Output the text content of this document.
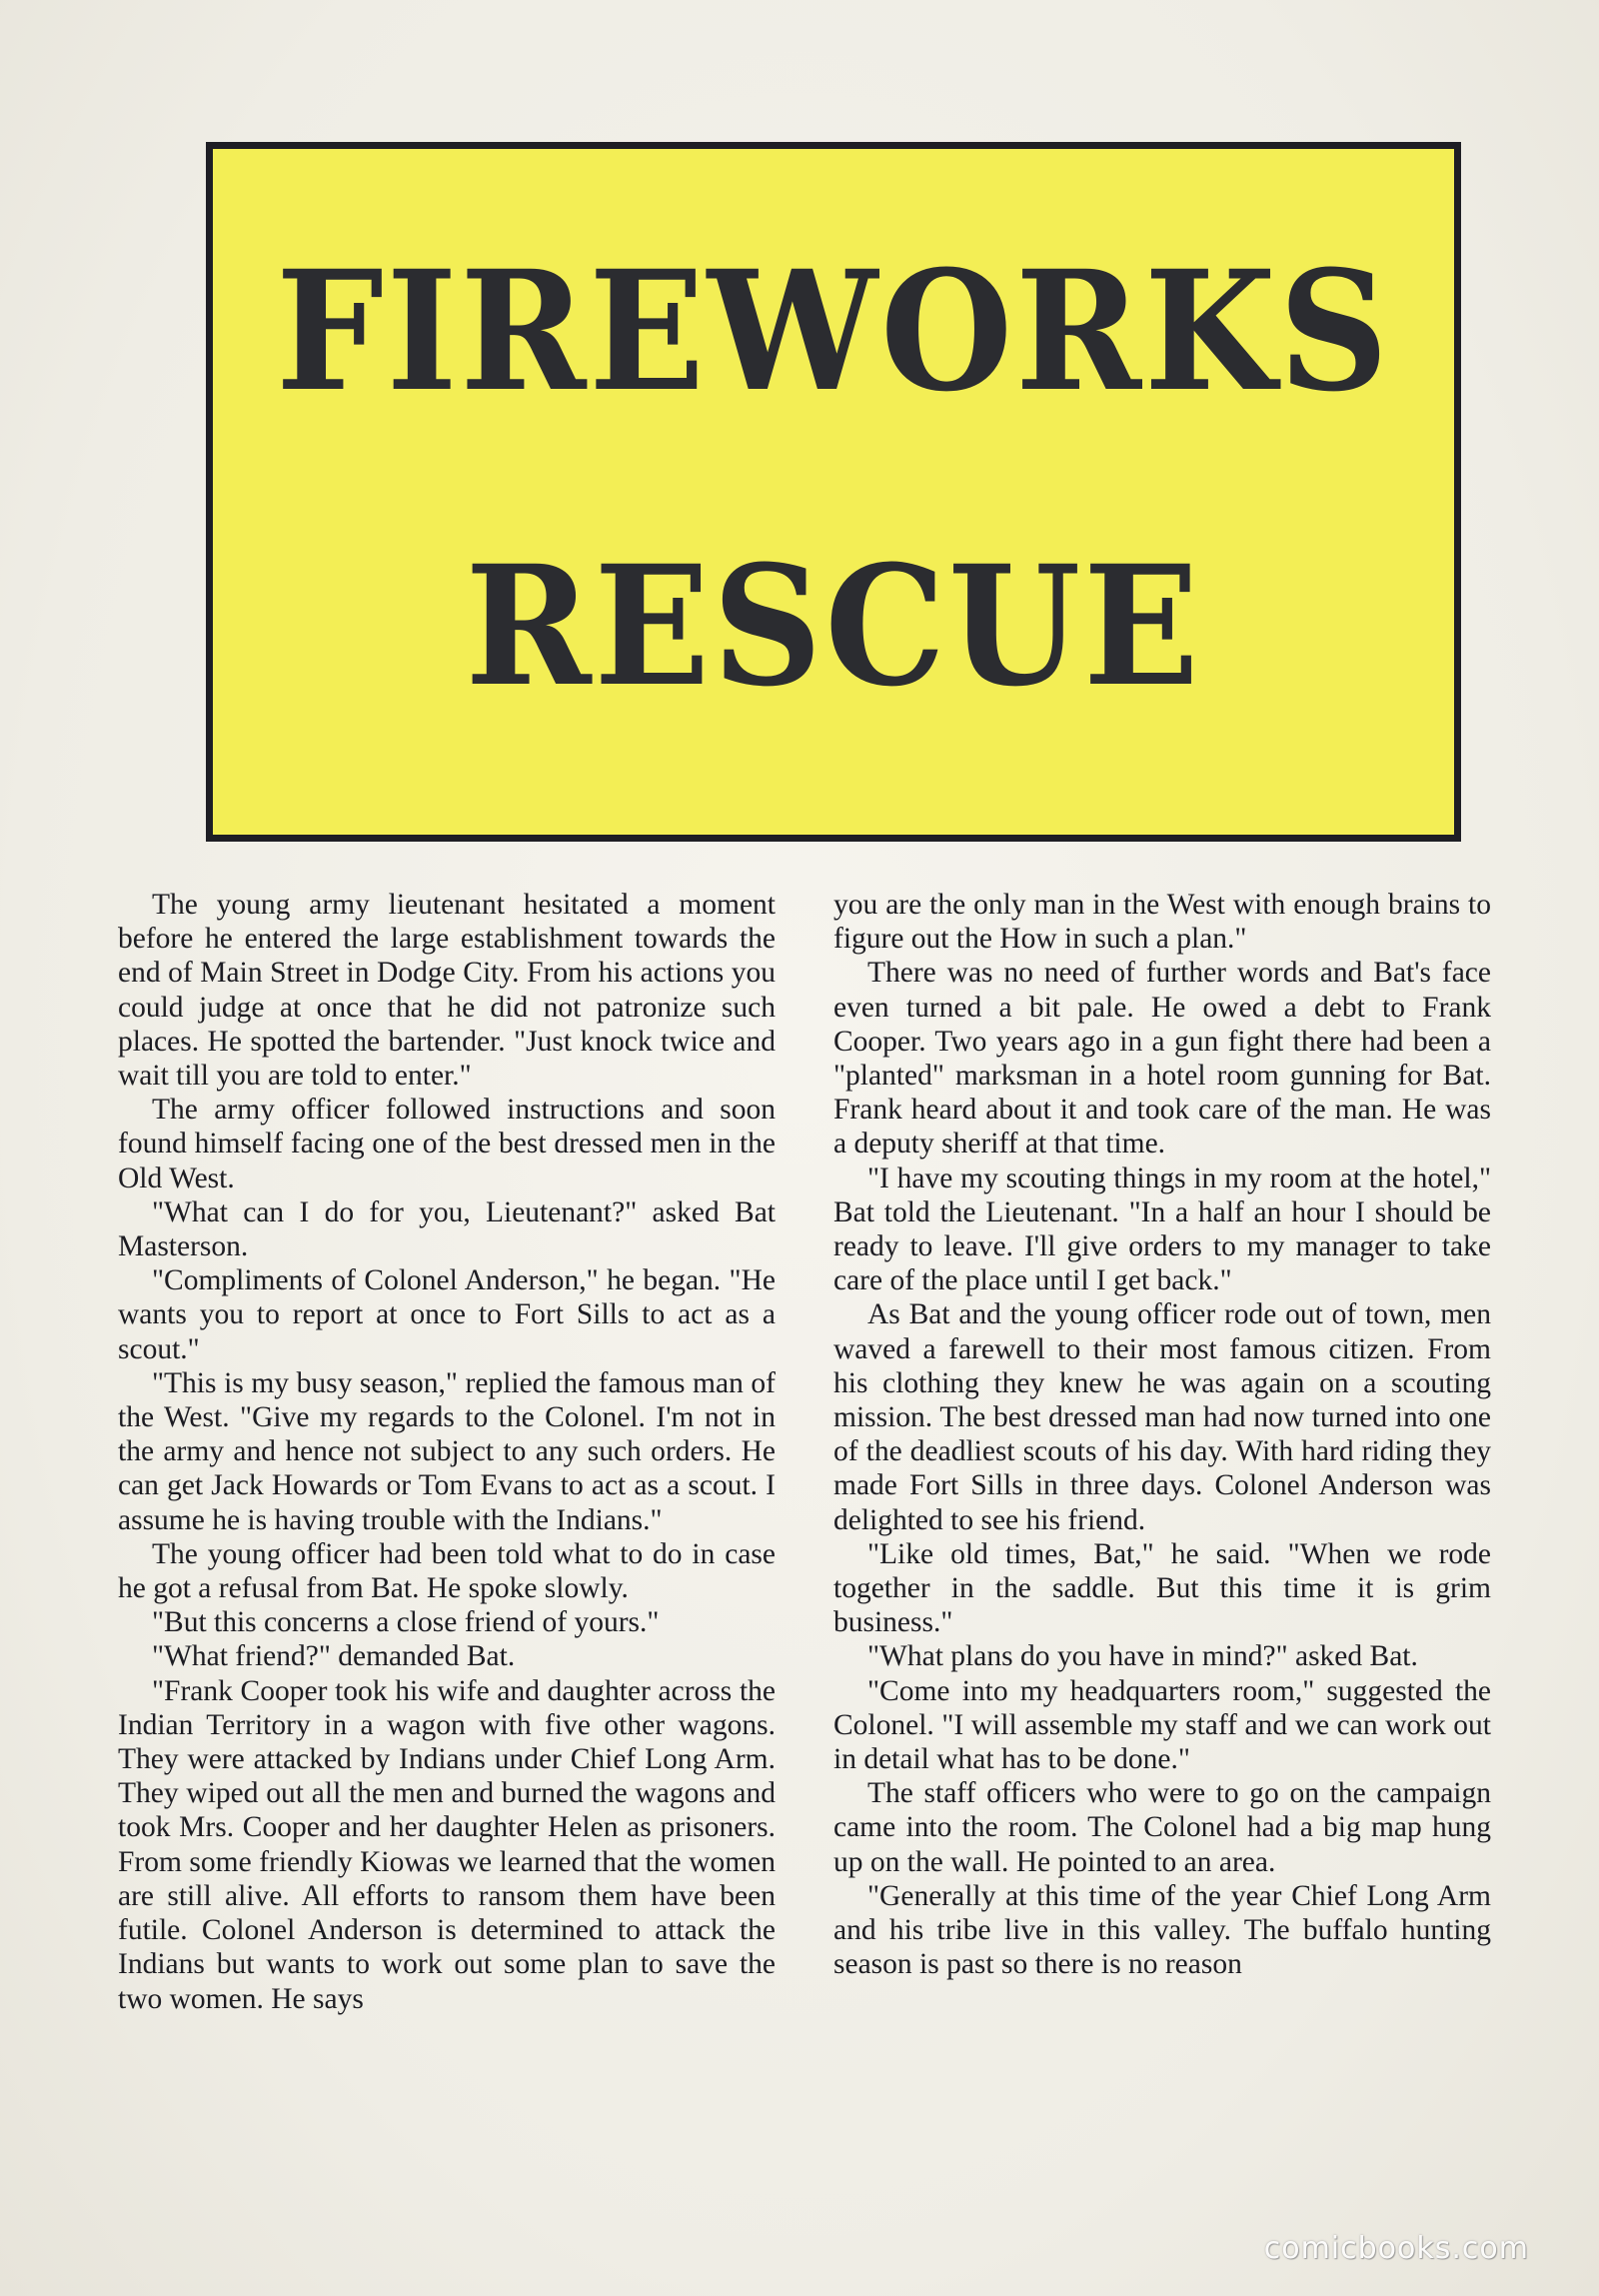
FIREWORKS
RESCUE

The young army lieutenant hesitated a moment before he entered the large establishment towards the end of Main Street in Dodge City. From his actions you could judge at once that he did not patronize such places. He spotted the bartender. "Just knock twice and wait till you are told to enter."

The army officer followed instructions and soon found himself facing one of the best dressed men in the Old West.

"What can I do for you, Lieutenant?" asked Bat Masterson.

"Compliments of Colonel Anderson," he began. "He wants you to report at once to Fort Sills to act as a scout."

"This is my busy season," replied the famous man of the West. "Give my regards to the Colonel. I'm not in the army and hence not subject to any such orders. He can get Jack Howards or Tom Evans to act as a scout. I assume he is having trouble with the Indians."

The young officer had been told what to do in case he got a refusal from Bat. He spoke slowly.

"But this concerns a close friend of yours."

"What friend?" demanded Bat.

"Frank Cooper took his wife and daughter across the Indian Territory in a wagon with five other wagons. They were attacked by Indians under Chief Long Arm. They wiped out all the men and burned the wagons and took Mrs. Cooper and her daughter Helen as prisoners. From some friendly Kiowas we learned that the women are still alive. All efforts to ransom them have been futile. Colonel Anderson is determined to attack the Indians but wants to work out some plan to save the two women. He says

you are the only man in the West with enough brains to figure out the How in such a plan."

There was no need of further words and Bat's face even turned a bit pale. He owed a debt to Frank Cooper. Two years ago in a gun fight there had been a "planted" marksman in a hotel room gunning for Bat. Frank heard about it and took care of the man. He was a deputy sheriff at that time.

"I have my scouting things in my room at the hotel," Bat told the Lieutenant. "In a half an hour I should be ready to leave. I'll give orders to my manager to take care of the place until I get back."

As Bat and the young officer rode out of town, men waved a farewell to their most famous citizen. From his clothing they knew he was again on a scouting mission. The best dressed man had now turned into one of the deadliest scouts of his day. With hard riding they made Fort Sills in three days. Colonel Anderson was delighted to see his friend.

"Like old times, Bat," he said. "When we rode together in the saddle. But this time it is grim business."

"What plans do you have in mind?" asked Bat.

"Come into my headquarters room," suggested the Colonel. "I will assemble my staff and we can work out in detail what has to be done."

The staff officers who were to go on the campaign came into the room. The Colonel had a big map hung up on the wall. He pointed to an area.

"Generally at this time of the year Chief Long Arm and his tribe live in this valley. The buffalo hunting season is past so there is no reason

comicbooks.com
